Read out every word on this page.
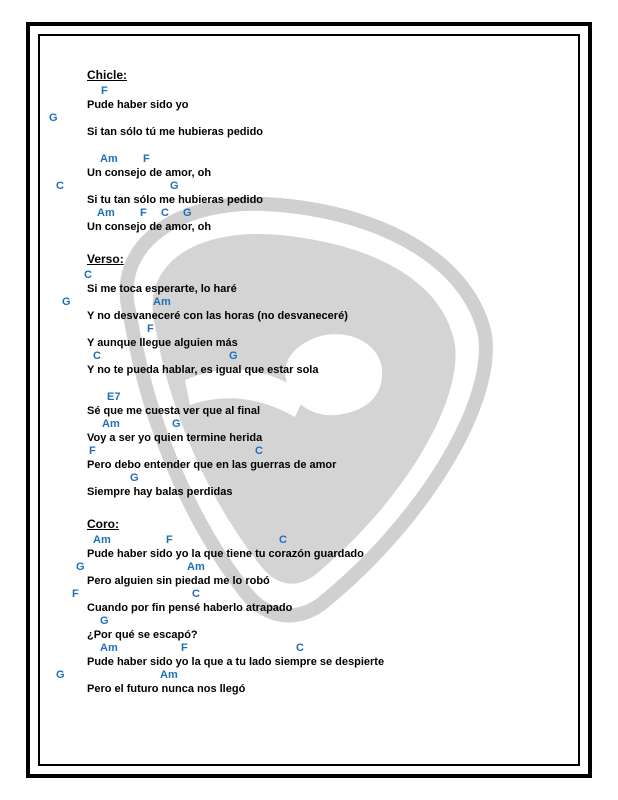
Chicle:
F
Pude haber sido yo
G
Si tan sólo tú me hubieras pedido
Am F
Un consejo de amor, oh
C	G
Si tu tan sólo me hubieras pedido
Am F C G
Un consejo de amor, oh
Verso:
C
Si me toca esperarte, lo haré
G	Am
Y no desvaneceré con las horas (no desvaneceré)
F
Y aunque llegue alguien más
C	G
Y no te pueda hablar, es igual que estar sola
E7
Sé que me cuesta ver que al final
Am	G
Voy a ser yo quien termine herida
F	C
Pero debo entender que en las guerras de amor
G
Siempre hay balas perdidas
Coro:
Am	F	C
Pude haber sido yo la que tiene tu corazón guardado
G	Am
Pero alguien sin piedad me lo robó
F	C
Cuando por fin pensé haberlo atrapado
G
¿Por qué se escapó?
Am	F	C
Pude haber sido yo la que a tu lado siempre se despierte
G	Am
Pero el futuro nunca nos llegó
